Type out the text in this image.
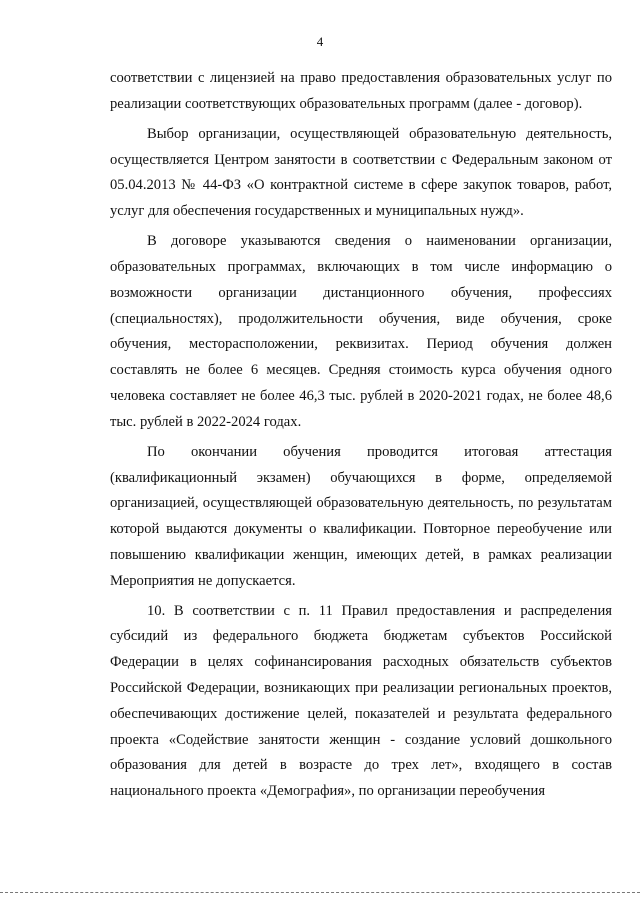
4

соответствии с лицензией на право предоставления образовательных услуг по реализации соответствующих образовательных программ (далее - договор).

Выбор организации, осуществляющей образовательную деятельность, осуществляется Центром занятости в соответствии с Федеральным законом от 05.04.2013 № 44-ФЗ «О контрактной системе в сфере закупок товаров, работ, услуг для обеспечения государственных и муниципальных нужд».

В договоре указываются сведения о наименовании организации, образовательных программах, включающих в том числе информацию о возможности организации дистанционного обучения, профессиях (специальностях), продолжительности обучения, виде обучения, сроке обучения, месторасположении, реквизитах. Период обучения должен составлять не более 6 месяцев. Средняя стоимость курса обучения одного человека составляет не более 46,3 тыс. рублей в 2020-2021 годах, не более 48,6 тыс. рублей в 2022-2024 годах.

По окончании обучения проводится итоговая аттестация (квалификационный экзамен) обучающихся в форме, определяемой организацией, осуществляющей образовательную деятельность, по результатам которой выдаются документы о квалификации. Повторное переобучение или повышению квалификации женщин, имеющих детей, в рамках реализации Мероприятия не допускается.

10. В соответствии с п. 11 Правил предоставления и распределения субсидий из федерального бюджета бюджетам субъектов Российской Федерации в целях софинансирования расходных обязательств субъектов Российской Федерации, возникающих при реализации региональных проектов, обеспечивающих достижение целей, показателей и результата федерального проекта «Содействие занятости женщин - создание условий дошкольного образования для детей в возрасте до трех лет», входящего в состав национального проекта «Демография», по организации переобучения
